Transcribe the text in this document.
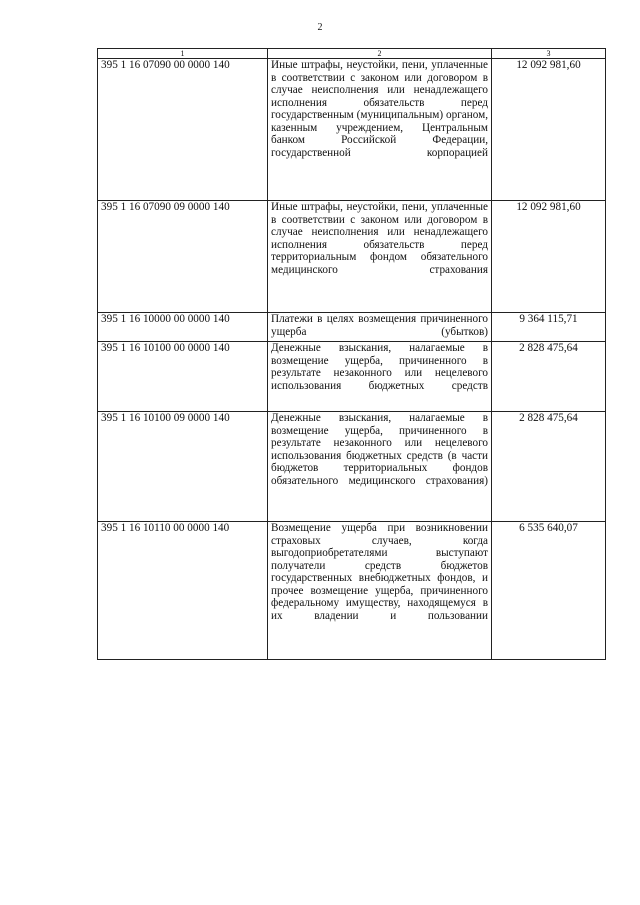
2
1	2	3
395 1 16 07090 00 0000 140	Иные штрафы, неустойки, пени, уплаченные в соответствии с законом или договором в случае неисполнения или ненадлежащего исполнения обязательств перед государственным (муниципальным) органом, казенным учреждением, Центральным банком Российской Федерации, государственной корпорацией	12 092 981,60
395 1 16 07090 09 0000 140	Иные штрафы, неустойки, пени, уплаченные в соответствии с законом или договором в случае неисполнения или ненадлежащего исполнения обязательств перед территориальным фондом обязательного медицинского страхования	12 092 981,60
395 1 16 10000 00 0000 140	Платежи в целях возмещения причиненного ущерба (убытков)	9 364 115,71
395 1 16 10100 00 0000 140	Денежные взыскания, налагаемые в возмещение ущерба, причиненного в результате незаконного или нецелевого использования бюджетных средств	2 828 475,64
395 1 16 10100 09 0000 140	Денежные взыскания, налагаемые в возмещение ущерба, причиненного в результате незаконного или нецелевого использования бюджетных средств (в части бюджетов территориальных фондов обязательного медицинского страхования)	2 828 475,64
395 1 16 10110 00 0000 140	Возмещение ущерба при возникновении страховых случаев, когда выгодоприобретателями выступают получатели средств бюджетов государственных внебюджетных фондов, и прочее возмещение ущерба, причиненного федеральному имуществу, находящемуся в их владении и пользовании	6 535 640,07
